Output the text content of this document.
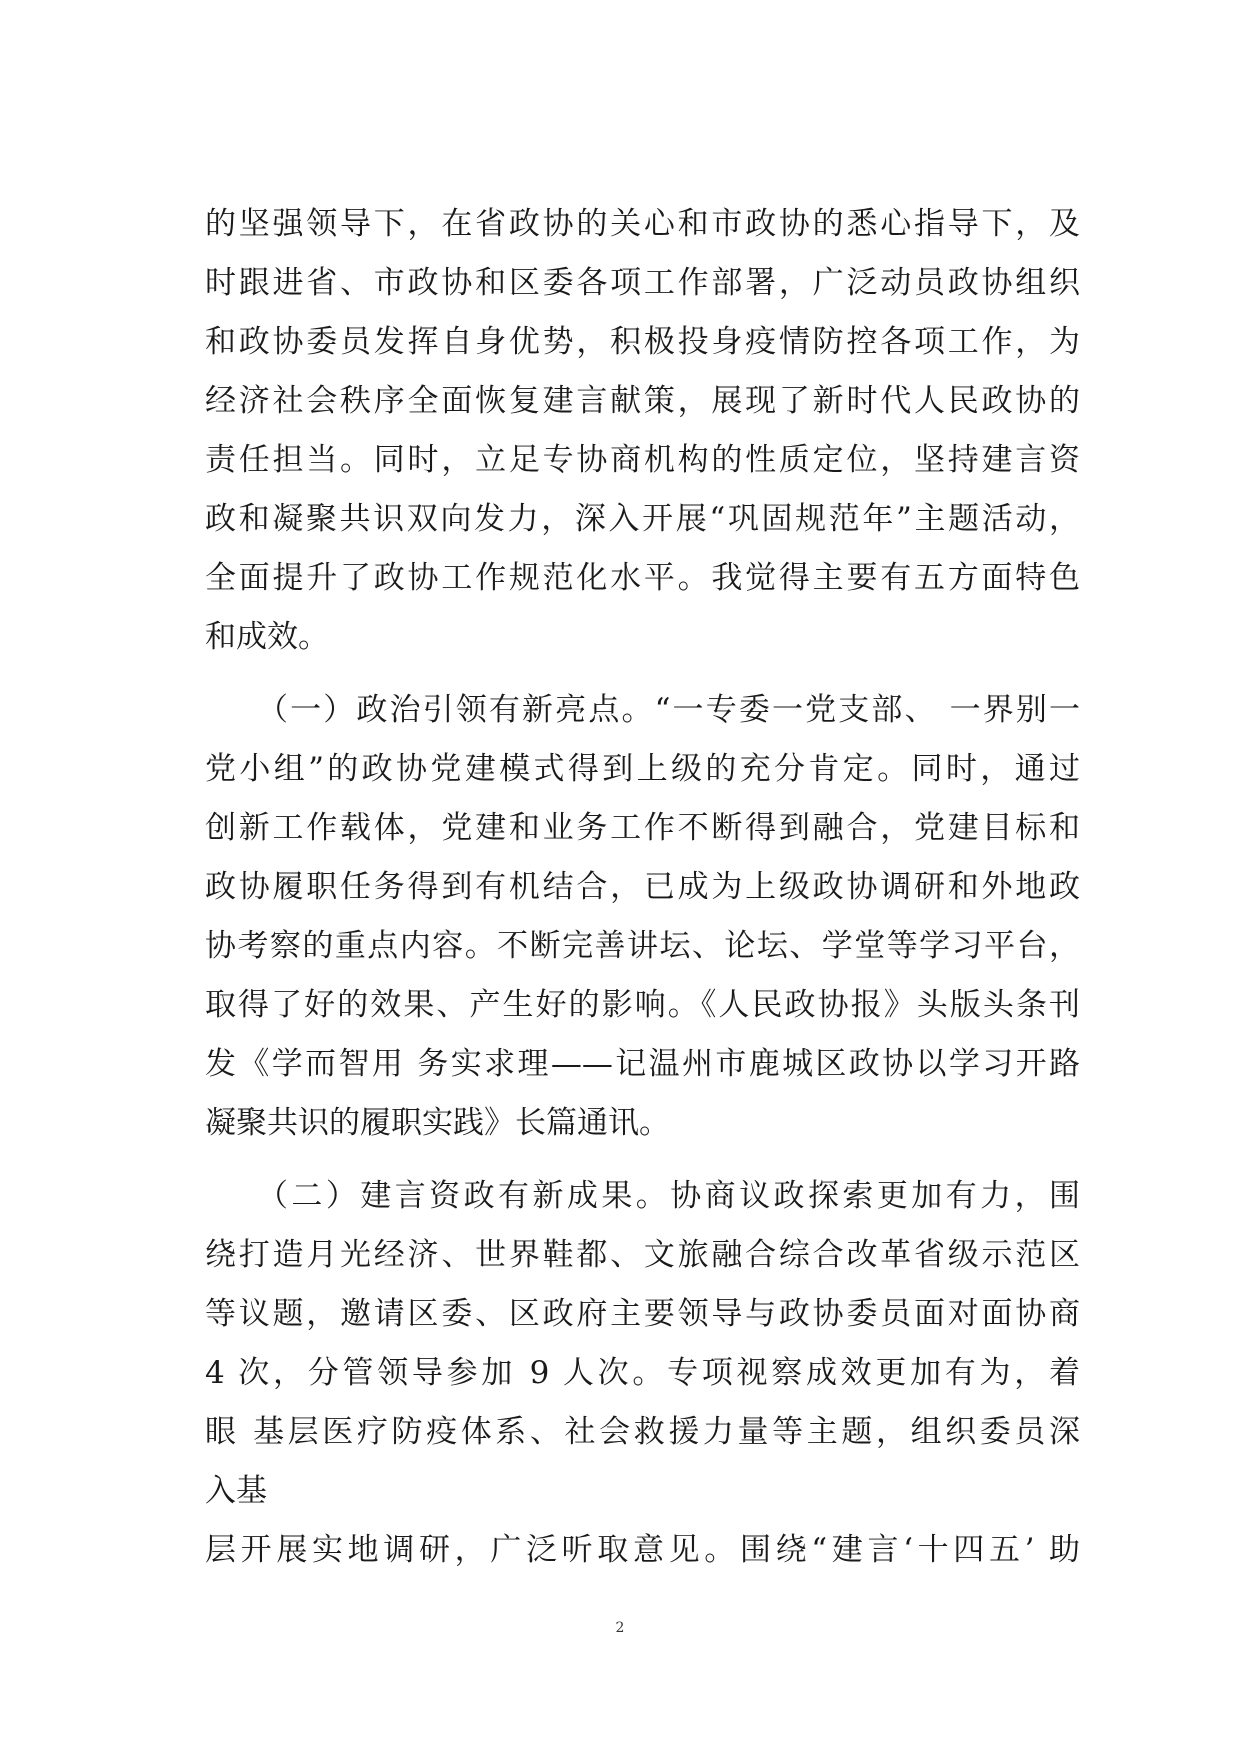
的坚强领导下，在省政协的关心和市政协的悉心指导下，及
时跟进省、市政协和区委各项工作部署，广泛动员政协组织
和政协委员发挥自身优势，积极投身疫情防控各项工作，为
经济社会秩序全面恢复建言献策，展现了新时代人民政协的
责任担当。同时，立足专协商机构的性质定位，坚持建言资
政和凝聚共识双向发力，深入开展“巩固规范年”主题活动，
全面提升了政协工作规范化水平。我觉得主要有五方面特色
和成效。
（一）政治引领有新亮点。“一专委一党支部、 一界别一
党小组”的政协党建模式得到上级的充分肯定。同时，通过
创新工作载体，党建和业务工作不断得到融合，党建目标和
政协履职任务得到有机结合，已成为上级政协调研和外地政
协考察的重点内容。不断完善讲坛、论坛、学堂等学习平台，
取得了好的效果、产生好的影响。《人民政协报》头版头条刊
发《学而智用 务实求理——记温州市鹿城区政协以学习开路
凝聚共识的履职实践》长篇通讯。
（二）建言资政有新成果。协商议政探索更加有力，围
绕打造月光经济、世界鞋都、文旅融合综合改革省级示范区
等议题，邀请区委、区政府主要领导与政协委员面对面协商
4 次，分管领导参加 9 人次。专项视察成效更加有为，着
眼 基层医疗防疫体系、社会救援力量等主题，组织委员深
入基
层开展实地调研，广泛听取意见。围绕“建言‘十四五’ 助
2
